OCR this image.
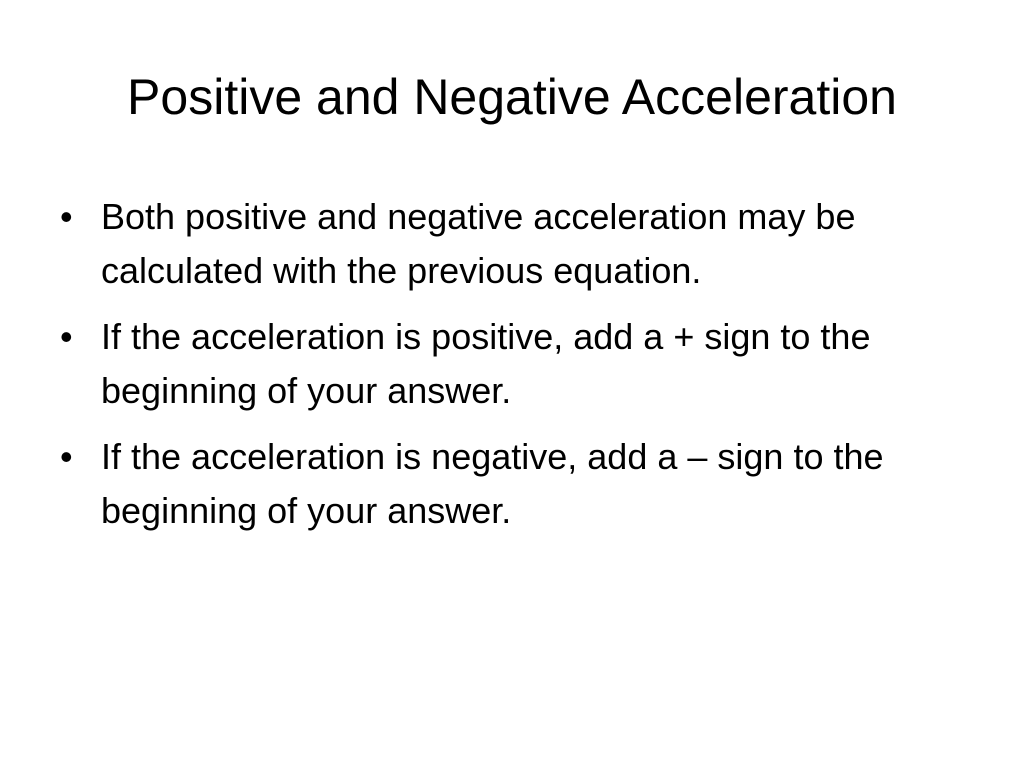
Positive and Negative Acceleration
• Both positive and negative acceleration may be calculated with the previous equation.
• If the acceleration is positive, add a + sign to the beginning of your answer.
• If the acceleration is negative, add a – sign to the beginning of your answer.
